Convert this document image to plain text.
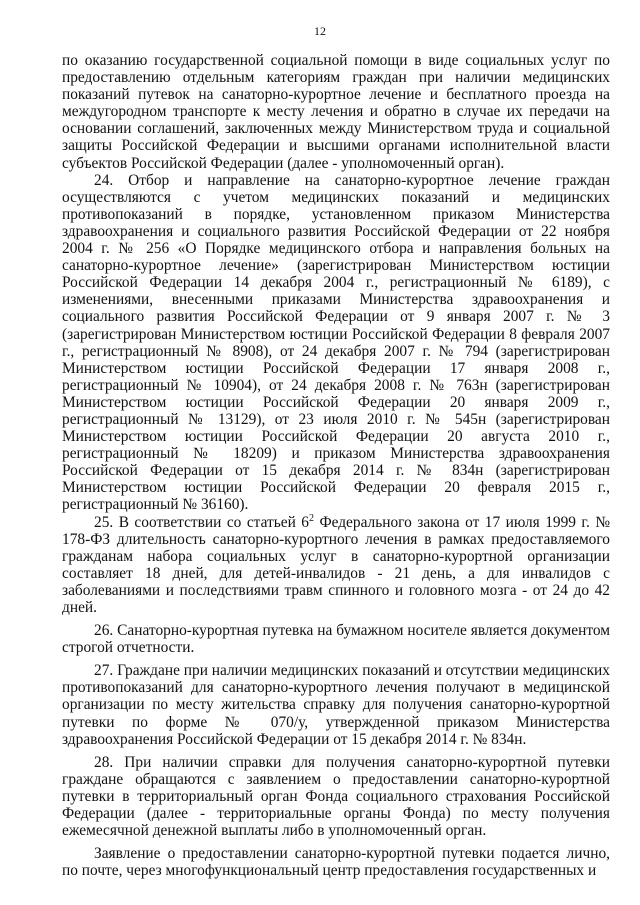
12

по оказанию государственной социальной помощи в виде социальных услуг по предоставлению отдельным категориям граждан при наличии медицинских показаний путевок на санаторно-курортное лечение и бесплатного проезда на междугородном транспорте к месту лечения и обратно в случае их передачи на основании соглашений, заключенных между Министерством труда и социальной защиты Российской Федерации и высшими органами исполнительной власти субъектов Российской Федерации (далее - уполномоченный орган).

24. Отбор и направление на санаторно-курортное лечение граждан осуществляются с учетом медицинских показаний и медицинских противопоказаний в порядке, установленном приказом Министерства здравоохранения и социального развития Российской Федерации от 22 ноября 2004 г. № 256 «О Порядке медицинского отбора и направления больных на санаторно-курортное лечение» (зарегистрирован Министерством юстиции Российской Федерации 14 декабря 2004 г., регистрационный № 6189), с изменениями, внесенными приказами Министерства здравоохранения и социального развития Российской Федерации от 9 января 2007 г. № 3 (зарегистрирован Министерством юстиции Российской Федерации 8 февраля 2007 г., регистрационный № 8908), от 24 декабря 2007 г. № 794 (зарегистрирован Министерством юстиции Российской Федерации 17 января 2008 г., регистрационный № 10904), от 24 декабря 2008 г. № 763н (зарегистрирован Министерством юстиции Российской Федерации 20 января 2009 г., регистрационный № 13129), от 23 июля 2010 г. № 545н (зарегистрирован Министерством юстиции Российской Федерации 20 августа 2010 г., регистрационный № 18209) и приказом Министерства здравоохранения Российской Федерации от 15 декабря 2014 г. № 834н (зарегистрирован Министерством юстиции Российской Федерации 20 февраля 2015 г., регистрационный № 36160).

25. В соответствии со статьей $6^2$ Федерального закона от 17 июля 1999 г. № 178-ФЗ длительность санаторно-курортного лечения в рамках предоставляемого гражданам набора социальных услуг в санаторно-курортной организации составляет 18 дней, для детей-инвалидов - 21 день, а для инвалидов с заболеваниями и последствиями травм спинного и головного мозга - от 24 до 42 дней.

26. Санаторно-курортная путевка на бумажном носителе является документом строгой отчетности.

27. Граждане при наличии медицинских показаний и отсутствии медицинских противопоказаний для санаторно-курортного лечения получают в медицинской организации по месту жительства справку для получения санаторно-курортной путевки по форме № 070/у, утвержденной приказом Министерства здравоохранения Российской Федерации от 15 декабря 2014 г. № 834н.

28. При наличии справки для получения санаторно-курортной путевки граждане обращаются с заявлением о предоставлении санаторно-курортной путевки в территориальный орган Фонда социального страхования Российской Федерации (далее - территориальные органы Фонда) по месту получения ежемесячной денежной выплаты либо в уполномоченный орган.

Заявление о предоставлении санаторно-курортной путевки подается лично, по почте, через многофункциональный центр предоставления государственных и
